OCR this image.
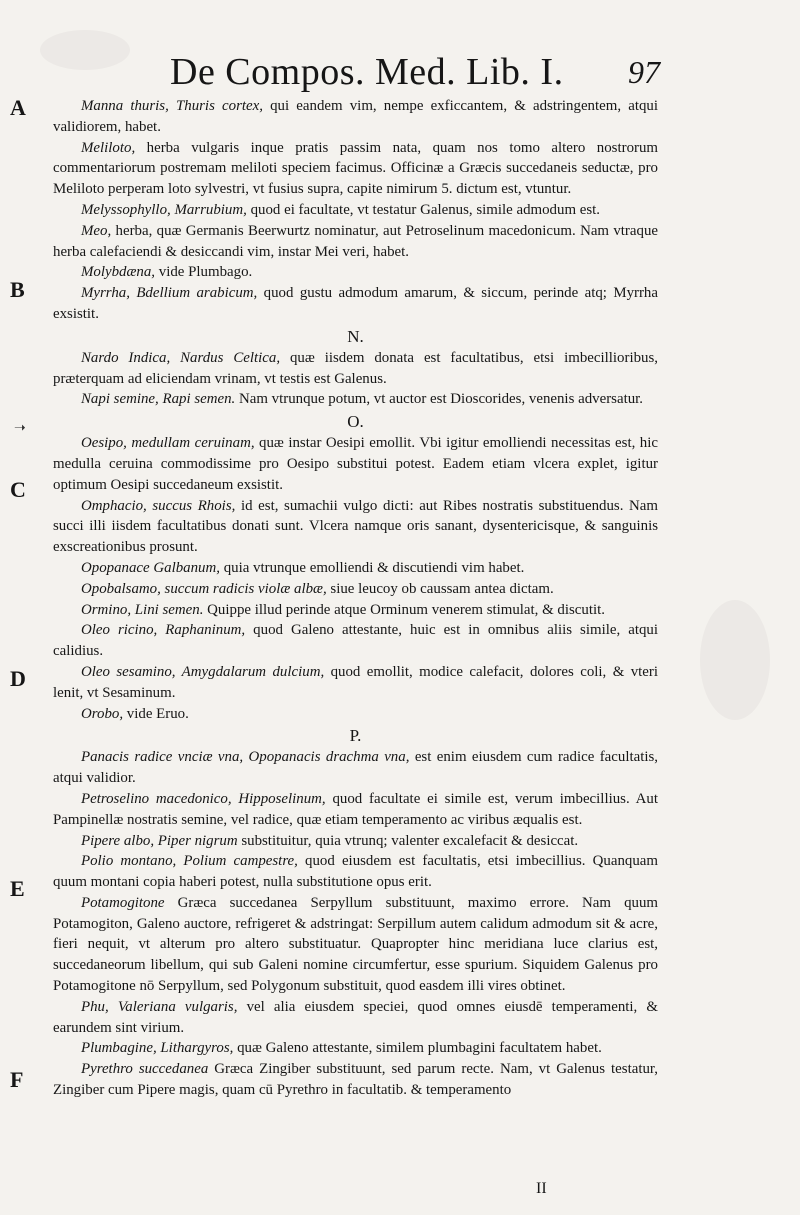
De Compos. Med. Lib. I. 97
A
B
C
D
E
F
➝

Manna thuris, Thuris cortex, qui eandem vim, nempe exficcantem, & adstringentem, atqui validiorem, habet.

Meliloto, herba vulgaris inque pratis passim nata, quam nos tomo altero nostrorum commentariorum postremam meliloti speciem facimus. Officinæ a Græcis succedaneis seductæ, pro Meliloto perperam loto sylvestri, vt fusius supra, capite nimirum 5. dictum est, vtuntur.

Melyssophyllo, Marrubium, quod ei facultate, vt testatur Galenus, simile admodum est.

Meo, herba, quæ Germanis Beerwurtz nominatur, aut Petroselinum macedonicum. Nam vtraque herba calefaciendi & desiccandi vim, instar Mei veri, habet.

Molybdæna, vide Plumbago.

Myrrha, Bdellium arabicum, quod gustu admodum amarum, & siccum, perinde atq; Myrrha exsistit.

N.

Nardo Indica, Nardus Celtica, quæ iisdem donata est facultatibus, etsi imbecillioribus, præterquam ad eliciendam vrinam, vt testis est Galenus.

Napi semine, Rapi semen. Nam vtrunque potum, vt auctor est Dioscorides, venenis adversatur.

O.

Oesipo, medullam ceruinam, quæ instar Oesipi emollit. Vbi igitur emolliendi necessitas est, hic medulla ceruina commodissime pro Oesipo substitui potest. Eadem etiam vlcera explet, igitur optimum Oesipi succedaneum exsistit.

Omphacio, succus Rhois, id est, sumachii vulgo dicti: aut Ribes nostratis substituendus. Nam succi illi iisdem facultatibus donati sunt. Vlcera namque oris sanant, dysentericisque, & sanguinis exscreationibus prosunt.

Opopanace Galbanum, quia vtrunque emolliendi & discutiendi vim habet.

Opobalsamo, succum radicis violæ albæ, siue leucoy ob caussam antea dictam.

Ormino, Lini semen. Quippe illud perinde atque Orminum venerem stimulat, & discutit.

Oleo ricino, Raphaninum, quod Galeno attestante, huic est in omnibus aliis simile, atqui calidius.

Oleo sesamino, Amygdalarum dulcium, quod emollit, modice calefacit, dolores coli, & vteri lenit, vt Sesaminum.

Orobo, vide Eruo.

P.

Panacis radice vnciæ vna, Opopanacis drachma vna, est enim eiusdem cum radice facultatis, atqui validior.

Petroselino macedonico, Hipposelinum, quod facultate ei simile est, verum imbecillius. Aut Pampinellæ nostratis semine, vel radice, quæ etiam temperamento ac viribus æqualis est.

Pipere albo, Piper nigrum substituitur, quia vtrunq; valenter excalefacit & desiccat.

Polio montano, Polium campestre, quod eiusdem est facultatis, etsi imbecillius. Quanquam quum montani copia haberi potest, nulla substitutione opus erit.

Potamogitone Græca succedanea Serpyllum substituunt, maximo errore. Nam quum Potamogiton, Galeno auctore, refrigeret & adstringat: Serpillum autem calidum admodum sit & acre, fieri nequit, vt alterum pro altero substituatur. Quapropter hinc meridiana luce clarius est, succedaneorum libellum, qui sub Galeni nomine circumfertur, esse spurium. Siquidem Galenus pro Potamogitone nō Serpyllum, sed Polygonum substituit, quod easdem illi vires obtinet.

Phu, Valeriana vulgaris, vel alia eiusdem speciei, quod omnes eiusdē temperamenti, & earundem sint virium.

Plumbagine, Lithargyros, quæ Galeno attestante, similem plumbagini facultatem habet.

Pyrethro succedanea Græca Zingiber substituunt, sed parum recte. Nam, vt Galenus testatur, Zingiber cum Pipere magis, quam cū Pyrethro in facultatib. & temperamento

II
